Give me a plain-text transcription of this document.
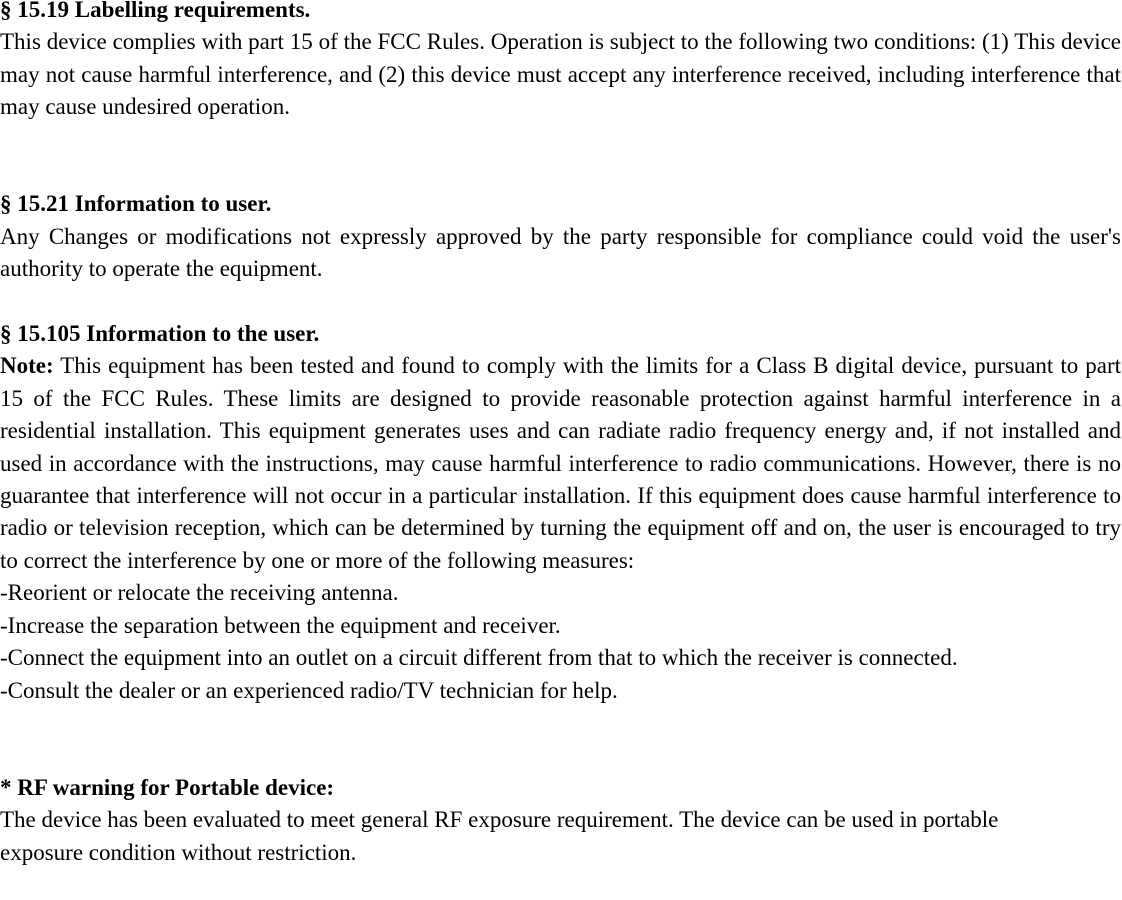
§ 15.19 Labelling requirements.

This device complies with part 15 of the FCC Rules. Operation is subject to the following two conditions: (1) This device may not cause harmful interference, and (2) this device must accept any interference received, including interference that may cause undesired operation.

§ 15.21 Information to user.

Any Changes or modifications not expressly approved by the party responsible for compliance could void the user's authority to operate the equipment.

§ 15.105 Information to the user.

Note: This equipment has been tested and found to comply with the limits for a Class B digital device, pursuant to part 15 of the FCC Rules. These limits are designed to provide reasonable protection against harmful interference in a residential installation. This equipment generates uses and can radiate radio frequency energy and, if not installed and used in accordance with the instructions, may cause harmful interference to radio communications. However, there is no guarantee that interference will not occur in a particular installation. If this equipment does cause harmful interference to radio or television reception, which can be determined by turning the equipment off and on, the user is encouraged to try to correct the interference by one or more of the following measures:

-Reorient or relocate the receiving antenna.

-Increase the separation between the equipment and receiver.

-Connect the equipment into an outlet on a circuit different from that to which the receiver is connected.

-Consult the dealer or an experienced radio/TV technician for help.

* RF warning for Portable device:

The device has been evaluated to meet general RF exposure requirement. The device can be used in portable

exposure condition without restriction.
